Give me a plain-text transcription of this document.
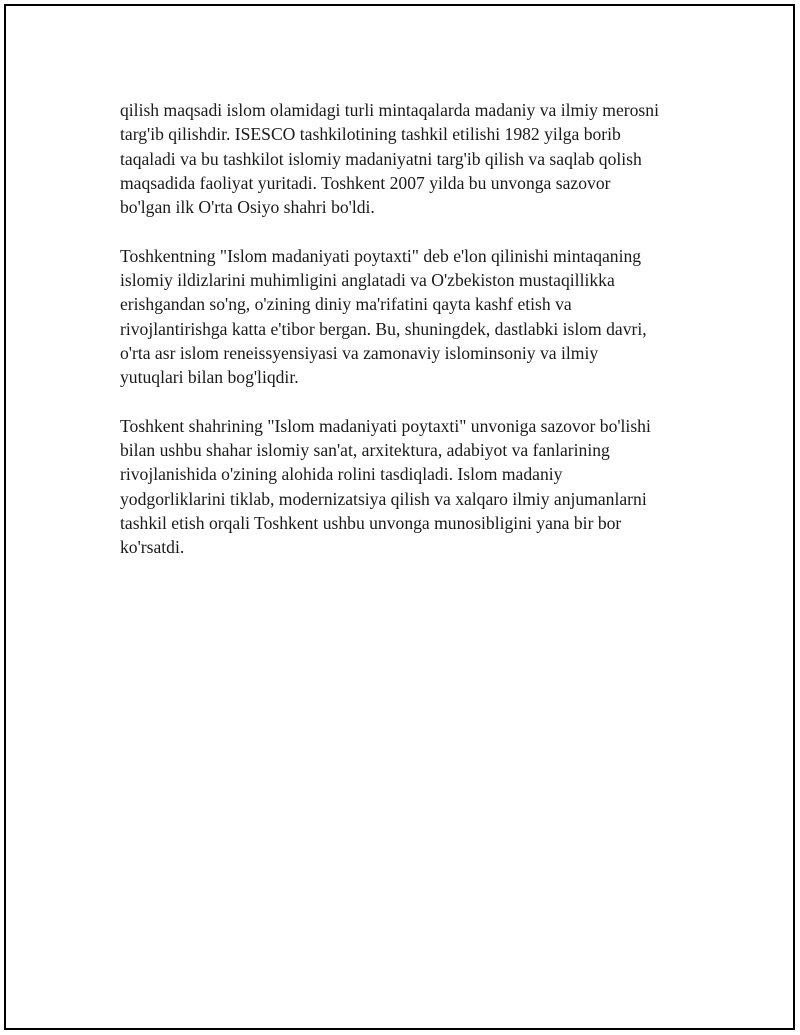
qilish maqsadi islom olamidagi turli mintaqalarda madaniy va ilmiy merosni
targ'ib qilishdir. ISESCO tashkilotining tashkil etilishi 1982 yilga borib
taqaladi va bu tashkilot islomiy madaniyatni targ'ib qilish va saqlab qolish
maqsadida faoliyat yuritadi. Toshkent 2007 yilda bu unvonga sazovor
bo'lgan ilk O'rta Osiyo shahri bo'ldi.

Toshkentning "Islom madaniyati poytaxti" deb e'lon qilinishi mintaqaning
islomiy ildizlarini muhimligini anglatadi va O'zbekiston mustaqillikka
erishgandan so'ng, o'zining diniy ma'rifatini qayta kashf etish va
rivojlantirishga katta e'tibor bergan. Bu, shuningdek, dastlabki islom davri,
o'rta asr islom reneissyensiyasi va zamonaviy islominsoniy va ilmiy
yutuqlari bilan bog'liqdir.

Toshkent shahrining "Islom madaniyati poytaxti" unvoniga sazovor bo'lishi
bilan ushbu shahar islomiy san'at, arxitektura, adabiyot va fanlarining
rivojlanishida o'zining alohida rolini tasdiqladi. Islom madaniy
yodgorliklarini tiklab, modernizatsiya qilish va xalqaro ilmiy anjumanlarni
tashkil etish orqali Toshkent ushbu unvonga munosibligini yana bir bor
ko'rsatdi.
